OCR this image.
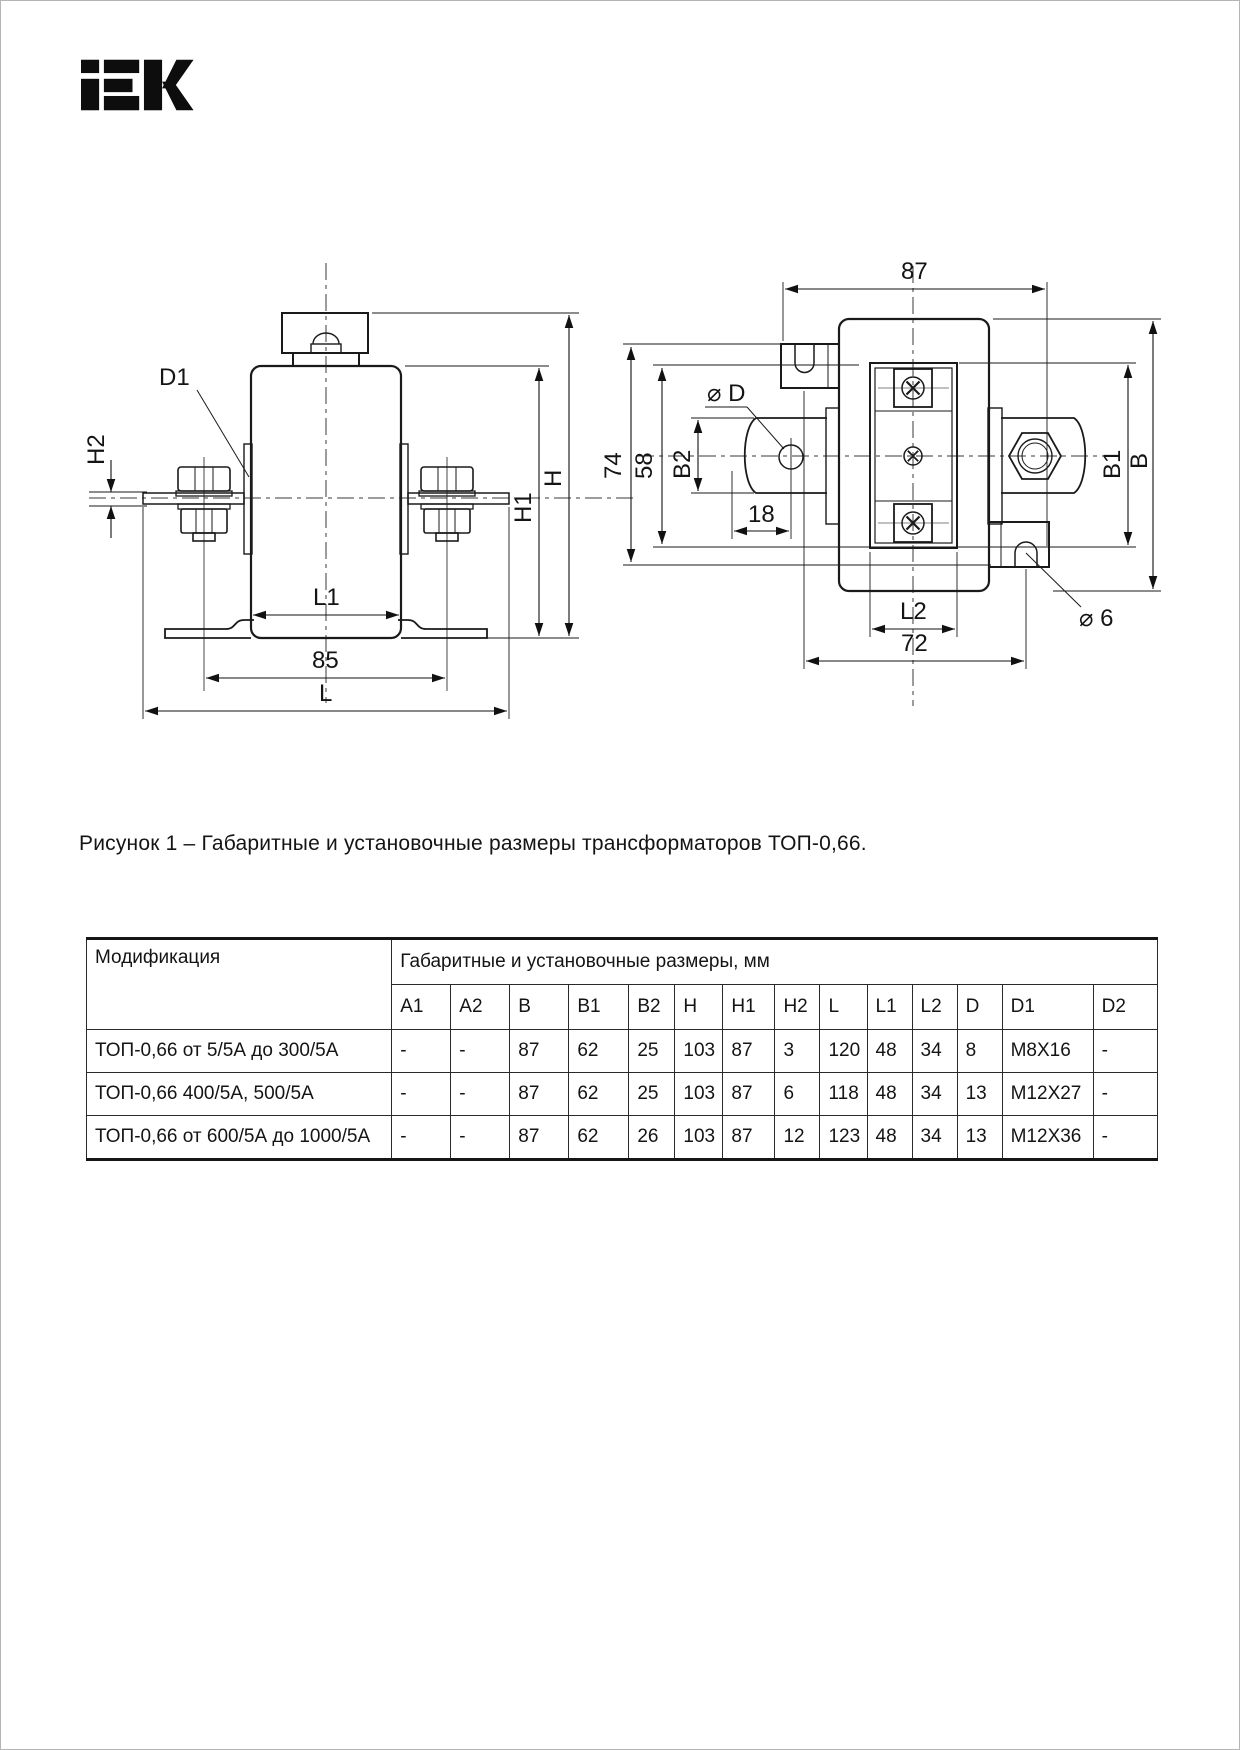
D1
H2
H1
H
L1
85
L
87
74 58 B2
⌀ D
18
B1 B
⌀ 6
L2
72

Рисунок 1 – Габаритные и установочные размеры трансформаторов ТОП-0,66.

Модификация	Габаритные и установочные размеры, мм													
	А1	А2	В	В1	В2	Н	Н1	Н2	L	L1	L2	D	D1	D2
ТОП-0,66 от 5/5А до 300/5А	-	-	87	62	25	103	87	3	120	48	34	8	М8Х16	-
ТОП-0,66 400/5А, 500/5А	-	-	87	62	25	103	87	6	118	48	34	13	М12Х27	-
ТОП-0,66 от 600/5А до 1000/5А	-	-	87	62	26	103	87	12	123	48	34	13	М12Х36	-
